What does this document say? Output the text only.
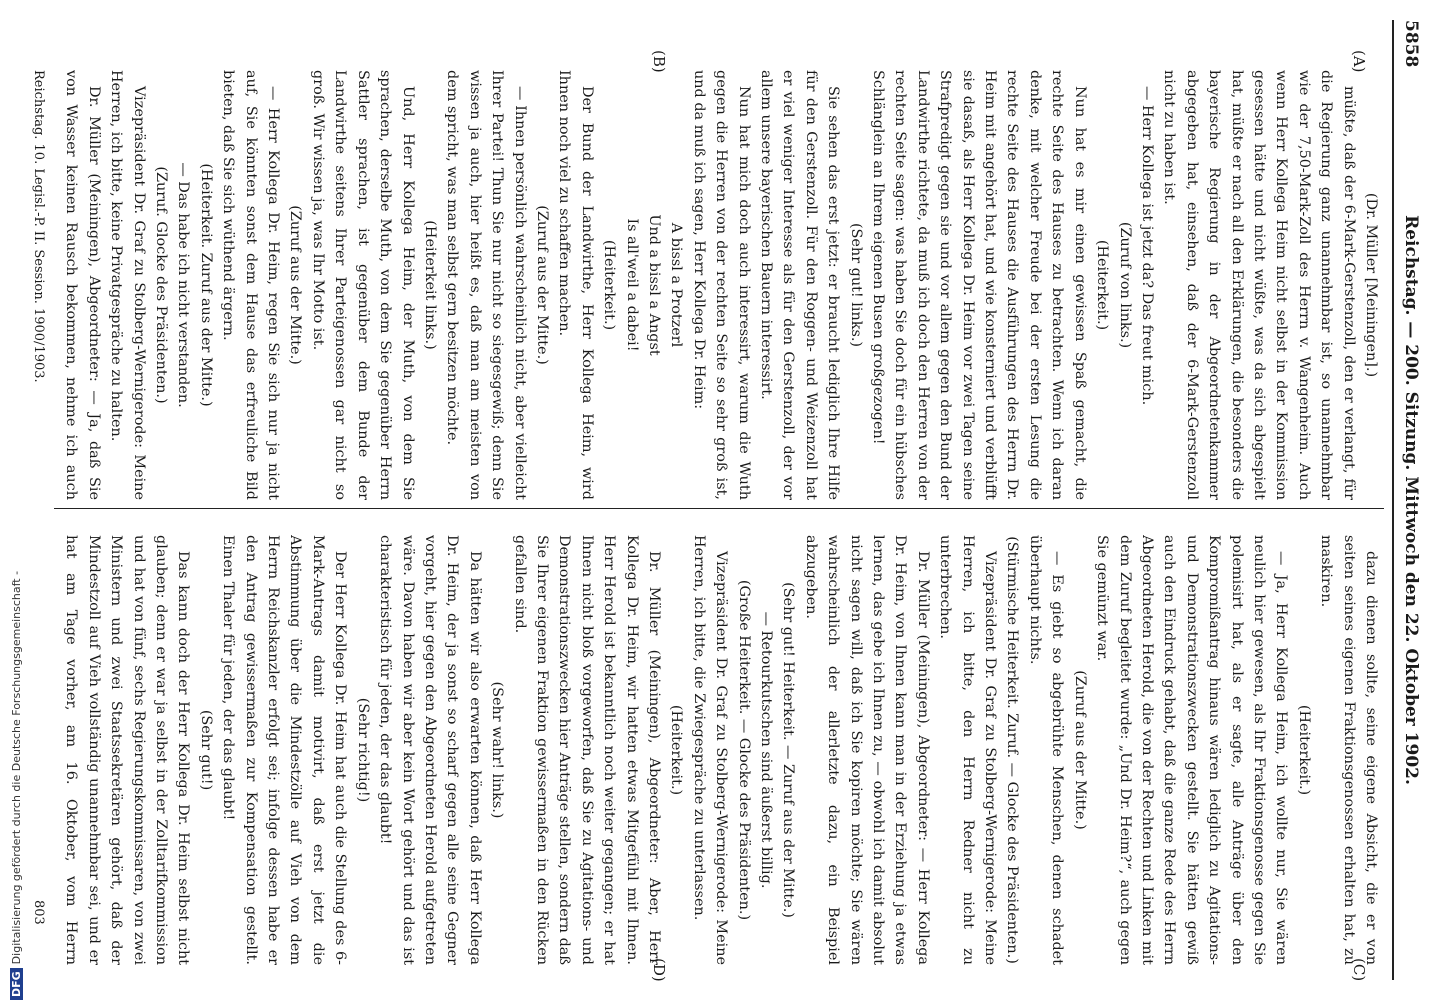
5858
Reichstag. — 200. Sitzung. Mittwoch den 22. Oktober 1902.
(A)
(B)
(C)
(D)

(Dr. Müller [Meiningen].)

müßte, daß der 6-Mark-Gerstenzoll, den er verlangt, für die Regierung ganz unannehmbar ist, so unannehmbar wie der 7,50-Mark-Zoll des Herrn v. Wangenheim. Auch wenn Herr Kollega Heim nicht selbst in der Kommission gesessen hätte und nicht wüßte, was da sich abgespielt hat, müßte er nach all den Erklärungen, die besonders die bayerische Regierung in der Abgeordnetenkammer abgegeben hat, einsehen, daß der 6-Mark-Gerstenzoll nicht zu haben ist.

— Herr Kollega ist jetzt da? Das freut mich.

(Zuruf von links.)

(Heiterkeit.)

Nun hat es mir einen gewissen Spaß gemacht, die rechte Seite des Hauses zu betrachten. Wenn ich daran denke, mit welcher Freude bei der ersten Lesung die rechte Seite des Hauses die Ausführungen des Herrn Dr. Heim mit angehört hat, und wie konsterniert und verblüfft sie dasaß, als Herr Kollega Dr. Heim vor zwei Tagen seine Strafpredigt gegen sie und vor allem gegen den Bund der Landwirthe richtete, da muß ich doch den Herren von der rechten Seite sagen: was haben Sie doch für ein hübsches Schlänglein an Ihrem eigenen Busen großgezogen!

(Sehr gut! links.)

Sie sehen das erst jetzt: er braucht lediglich Ihre Hilfe für den Gerstenzoll. Für den Roggen- und Weizenzoll hat er viel weniger Interesse als für den Gerstenzoll, der vor allem unsere bayerischen Bauern interessirt.

Nun hat mich doch auch interessirt, warum die Wuth gegen die Herren von der rechten Seite so sehr groß ist, und da muß ich sagen, Herr Kollega Dr. Heim:

A bissl a Protzerl

Und a bissl a Angst

Is all'weil a dabei!

(Heiterkeit.)

Der Bund der Landwirthe, Herr Kollega Heim, wird Ihnen noch viel zu schaffen machen.

(Zuruf aus der Mitte.)

— Ihnen persönlich wahrscheinlich nicht, aber vielleicht Ihrer Partei! Thun Sie nur nicht so siegesgewiß; denn Sie wissen ja auch, hier heißt es, daß man am meisten von dem spricht, was man selbst gern besitzen möchte.

(Heiterkeit links.)

Und, Herr Kollega Heim, der Muth, von dem Sie sprachen, derselbe Muth, von dem Sie gegenüber Herrn Sattler sprachen, ist gegenüber dem Bunde der Landwirthe seitens Ihrer Parteigenossen gar nicht so groß. Wir wissen ja, was Ihr Motto ist.

(Zuruf aus der Mitte.)

— Herr Kollega Dr. Heim, regen Sie sich nur ja nicht auf, Sie könnten sonst dem Hause das erfreuliche Bild bieten, daß Sie sich wüthend ärgern.

(Heiterkeit. Zuruf aus der Mitte.)

— Das habe ich nicht verstanden.

(Zuruf. Glocke des Präsidenten.)

Vizepräsident Dr. Graf zu Stolberg-Wernigerode: Meine Herren, ich bitte, keine Privatgespräche zu halten.

Dr. Müller (Meiningen), Abgeordneter: — Ja, daß Sie von Wasser keinen Rausch bekommen, nehme ich auch

dazu dienen sollte, seine eigene Absicht, die er von seiten seines eigenen Fraktionsgenossen erhalten hat, zu maskiren.

(Heiterkeit.)

— Ja, Herr Kollega Heim, ich wollte nur, Sie wären neulich hier gewesen, als Ihr Fraktionsgenosse gegen Sie polemisirt hat, als er sagte, alle Anträge über den Kompromißantrag hinaus wären lediglich zu Agitations- und Demonstrationszwecken gestellt. Sie hätten gewiß auch den Eindruck gehabt, daß die ganze Rede des Herrn Abgeordneten Herold, die von der Rechten und Linken mit dem Zuruf begleitet wurde: „Und Dr. Heim?“, auch gegen Sie gemünzt war.

(Zuruf aus der Mitte.)

— Es giebt so abgebrühte Menschen, denen schadet überhaupt nichts.

(Stürmische Heiterkeit. Zuruf. — Glocke des Präsidenten.)

Vizepräsident Dr. Graf zu Stolberg-Wernigerode: Meine Herren, ich bitte, den Herrn Redner nicht zu unterbrechen.

Dr. Müller (Meiningen), Abgeordneter: — Herr Kollega Dr. Heim, von Ihnen kann man in der Erziehung ja etwas lernen, das gebe ich Ihnen zu, — obwohl ich damit absolut nicht sagen will, daß ich Sie kopiren möchte; Sie wären wahrscheinlich der allerletzte dazu, ein Beispiel abzugeben.

(Sehr gut! Heiterkeit. — Zuruf aus der Mitte.)

— Retourkutschen sind äußerst billig.

(Große Heiterkeit. — Glocke des Präsidenten.)

Vizepräsident Dr. Graf zu Stolberg-Wernigerode: Meine Herren, ich bitte, die Zwiegespräche zu unterlassen.

(Heiterkeit.)

Dr. Müller (Meiningen), Abgeordneter: Aber, Herr Kollega Dr. Heim, wir hatten etwas Mitgefühl mit Ihnen. Herr Herold ist bekanntlich noch weiter gegangen; er hat Ihnen nicht bloß vorgeworfen, daß Sie zu Agitations- und Demonstrationszwecken hier Anträge stellen, sondern daß Sie Ihrer eigenen Fraktion gewissermaßen in den Rücken gefallen sind.

(Sehr wahr! links.)

Da hätten wir also erwarten können, daß Herr Kollega Dr. Heim, der ja sonst so scharf gegen alle seine Gegner vorgeht, hier gegen den Abgeordneten Herold aufgetreten wäre. Davon haben wir aber kein Wort gehört und das ist charakteristisch für jeden, der das glaubt!

(Sehr richtig!)

Der Herr Kollega Dr. Heim hat auch die Stellung des 6-Mark-Antrags damit motivirt, daß erst jetzt die Abstimmung über die Mindestzölle auf Vieh von dem Herrn Reichskanzler erfolgt sei; infolge dessen habe er den Antrag gewissermaßen zur Kompensation gestellt. Einen Thaler für jeden, der das glaubt!

(Sehr gut!)

Das kann doch der Herr Kollega Dr. Heim selbst nicht glauben; denn er war ja selbst in der Zolltarifkommission und hat von fünf, sechs Regierungskommissaren, von zwei Ministern und zwei Staatssekretären gehört, daß der Mindestzoll auf Vieh vollständig unannehmbar sei, und er hat am Tage vorher, am 16. Oktober, vom Herrn

Reichstag. 10. Legisl.-P. II. Session. 1900/1903.
803
DFGDigitalisierung gefördert durch die Deutsche Forschungsgemeinschaft -
